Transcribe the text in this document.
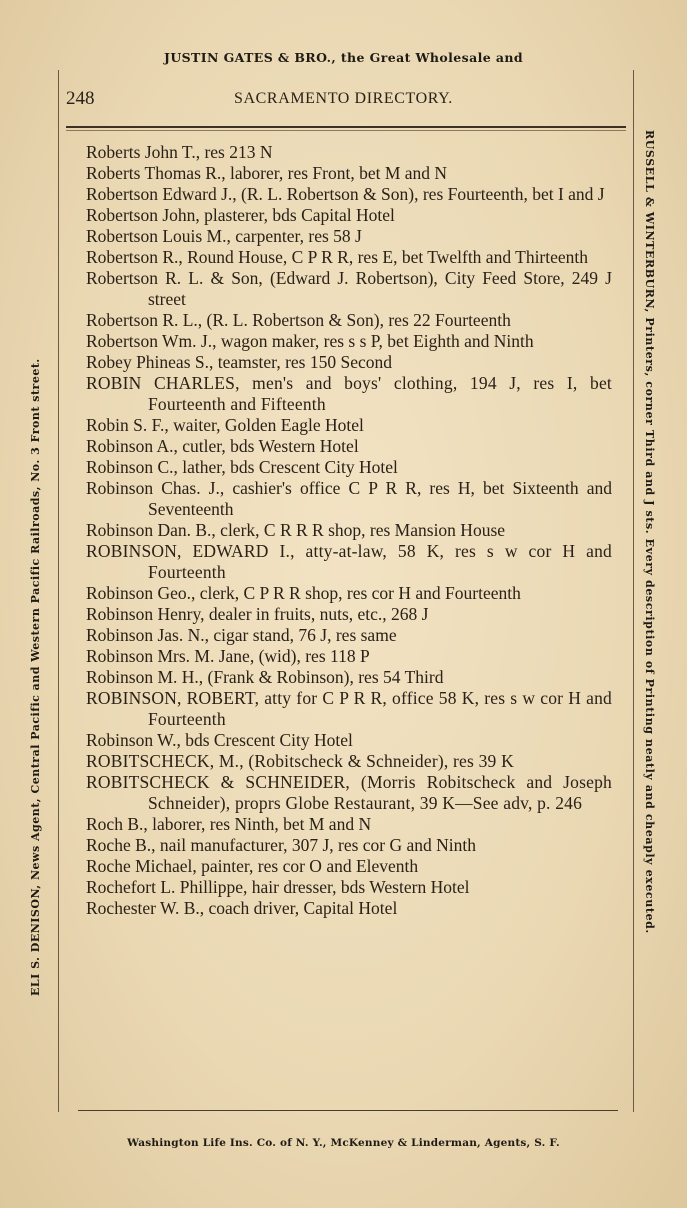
JUSTIN GATES & BRO., the Great Wholesale and
ELI S. DENISON, News Agent, Central Pacific and Western Pacific Railroads, No. 3 Front street.	RUSSELL & WINTERBURN, Printers, corner Third and J sts. Every description of Printing neatly and cheaply executed.
248	SACRAMENTO DIRECTORY.

Roberts John T., res 213 N

Roberts Thomas R., laborer, res Front, bet M and N

Robertson Edward J., (R. L. Robertson & Son), res Fourteenth, bet I and J

Robertson John, plasterer, bds Capital Hotel

Robertson Louis M., carpenter, res 58 J

Robertson R., Round House, C P R R, res E, bet Twelfth and Thirteenth

Robertson R. L. & Son, (Edward J. Robertson), City Feed Store, 249 J street

Robertson R. L., (R. L. Robertson & Son), res 22 Fourteenth

Robertson Wm. J., wagon maker, res s s P, bet Eighth and Ninth

Robey Phineas S., teamster, res 150 Second

ROBIN CHARLES, men's and boys' clothing, 194 J, res I, bet Fourteenth and Fifteenth

Robin S. F., waiter, Golden Eagle Hotel

Robinson A., cutler, bds Western Hotel

Robinson C., lather, bds Crescent City Hotel

Robinson Chas. J., cashier's office C P R R, res H, bet Sixteenth and Seventeenth

Robinson Dan. B., clerk, C R R R shop, res Mansion House

ROBINSON, EDWARD I., atty-at-law, 58 K, res s w cor H and Fourteenth

Robinson Geo., clerk, C P R R shop, res cor H and Fourteenth

Robinson Henry, dealer in fruits, nuts, etc., 268 J

Robinson Jas. N., cigar stand, 76 J, res same

Robinson Mrs. M. Jane, (wid), res 118 P

Robinson M. H., (Frank & Robinson), res 54 Third

ROBINSON, ROBERT, atty for C P R R, office 58 K, res s w cor H and Fourteenth

Robinson W., bds Crescent City Hotel

ROBITSCHECK, M., (Robitscheck & Schneider), res 39 K

ROBITSCHECK & SCHNEIDER, (Morris Robitscheck and Joseph Schneider), proprs Globe Restaurant, 39 K—See adv, p. 246

Roch B., laborer, res Ninth, bet M and N

Roche B., nail manufacturer, 307 J, res cor G and Ninth

Roche Michael, painter, res cor O and Eleventh

Rochefort L. Phillippe, hair dresser, bds Western Hotel

Rochester W. B., coach driver, Capital Hotel

Washington Life Ins. Co. of N. Y., McKenney & Linderman, Agents, S. F.
